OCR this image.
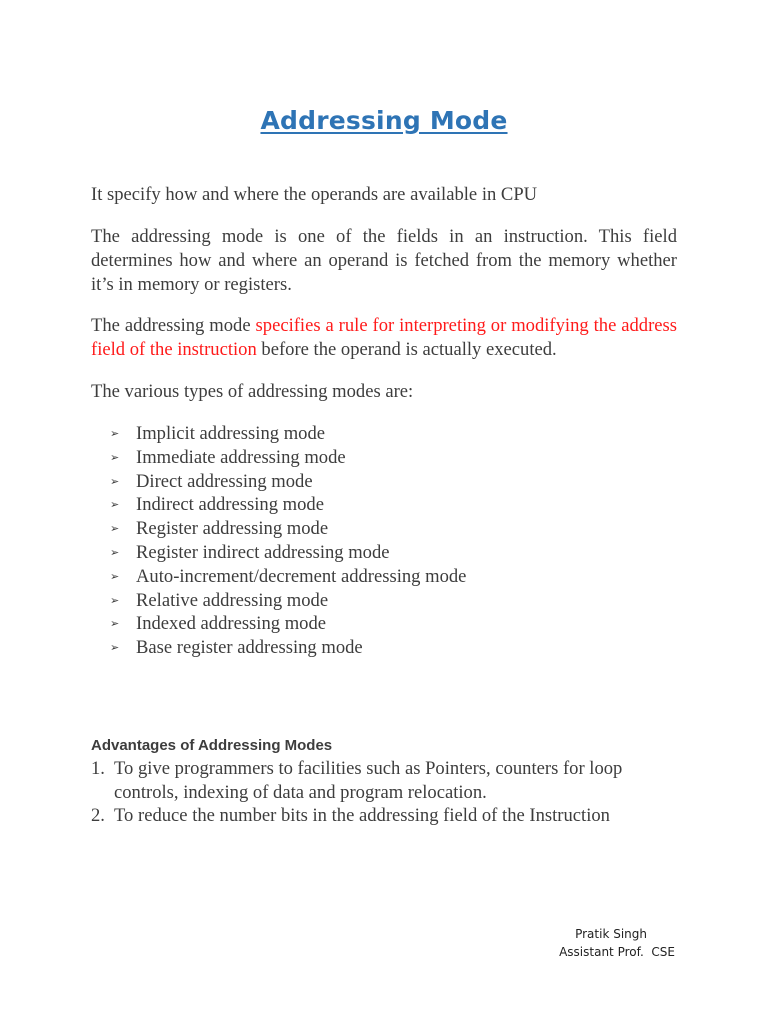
Addressing Mode
It specify how and where the operands are available in CPU
The addressing mode is one of the fields in an instruction. This field determines how and where an operand is fetched from the memory whether it’s in memory or registers.
The addressing mode specifies a rule for interpreting or modifying the address field of the instruction before the operand is actually executed.
The various types of addressing modes are:
➢ Implicit addressing mode
➢ Immediate addressing mode
➢ Direct addressing mode
➢ Indirect addressing mode
➢ Register addressing mode
➢ Register indirect addressing mode
➢ Auto-increment/decrement addressing mode
➢ Relative addressing mode
➢ Indexed addressing mode
➢ Base register addressing mode
Advantages of Addressing Modes
1. To give programmers to facilities such as Pointers, counters for loop controls, indexing of data and program relocation.
2. To reduce the number bits in the addressing field of the Instruction
Pratik Singh
Assistant Prof.  CSE
